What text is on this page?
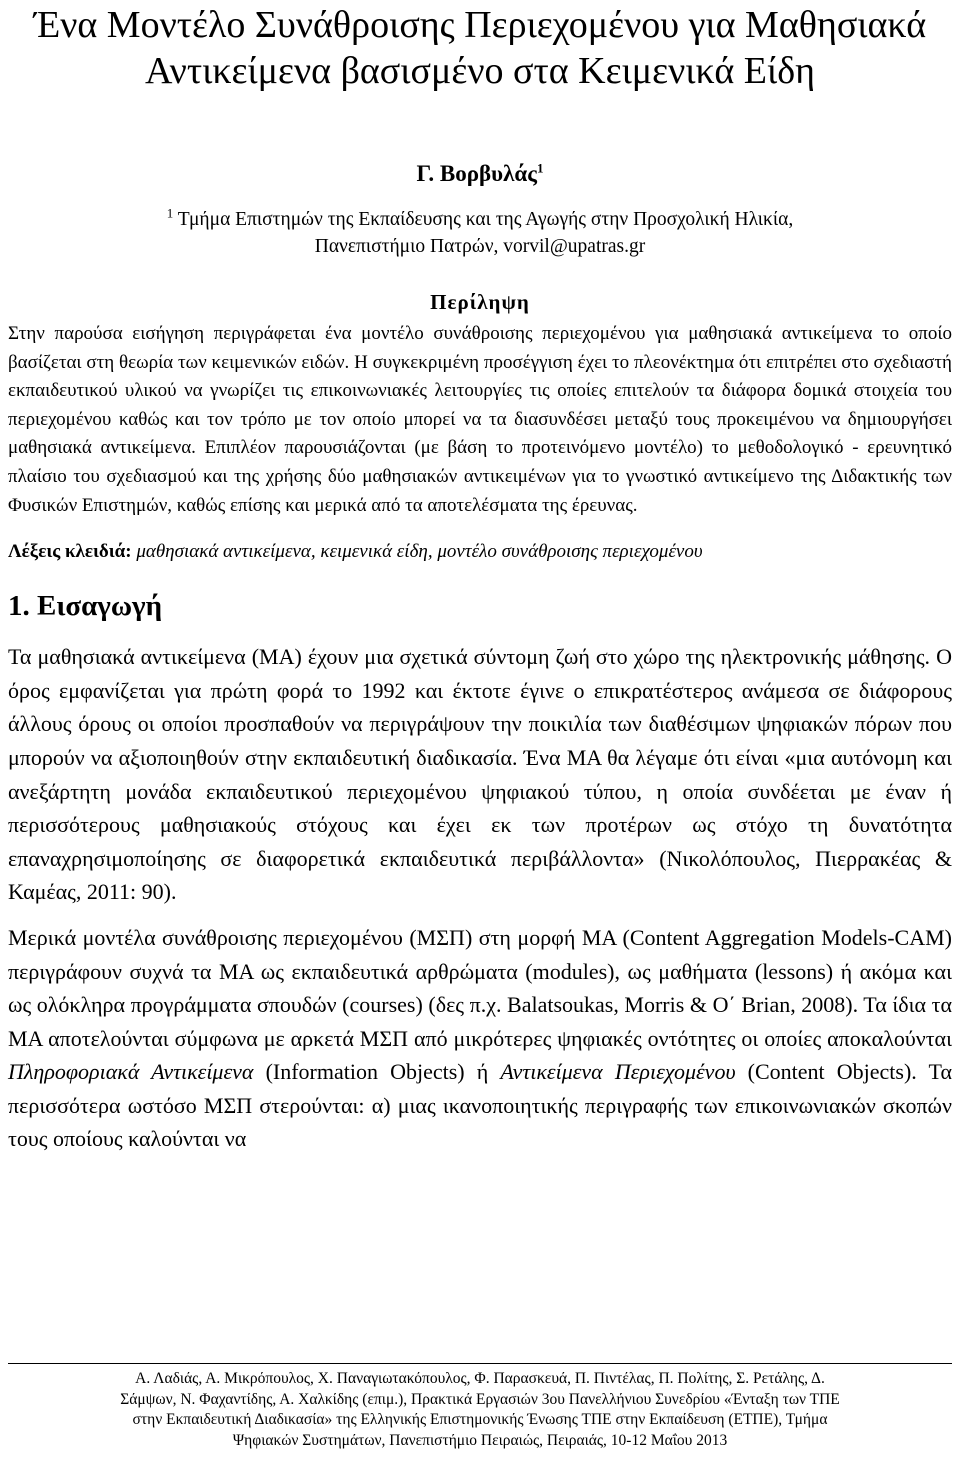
Ένα Μοντέλο Συνάθροισης Περιεχομένου για Μαθησιακά Αντικείμενα βασισμένο στα Κειμενικά Είδη
Γ. Βορβυλάς$^1$
$^1$ Τμήμα Επιστημών της Εκπαίδευσης και της Αγωγής στην Προσχολική Ηλικία,
Πανεπιστήμιο Πατρών, vorvil@upatras.gr
Περίληψη

Στην παρούσα εισήγηση περιγράφεται ένα μοντέλο συνάθροισης περιεχομένου για μαθησιακά αντικείμενα το οποίο βασίζεται στη θεωρία των κειμενικών ειδών. Η συγκεκριμένη προσέγγιση έχει το πλεονέκτημα ότι επιτρέπει στο σχεδιαστή εκπαιδευτικού υλικού να γνωρίζει τις επικοινωνιακές λειτουργίες τις οποίες επιτελούν τα διάφορα δομικά στοιχεία του περιεχομένου καθώς και τον τρόπο με τον οποίο μπορεί να τα διασυνδέσει μεταξύ τους προκειμένου να δημιουργήσει μαθησιακά αντικείμενα. Επιπλέον παρουσιάζονται (με βάση το προτεινόμενο μοντέλο) το μεθοδολογικό - ερευνητικό πλαίσιο του σχεδιασμού και της χρήσης δύο μαθησιακών αντικειμένων για το γνωστικό αντικείμενο της Διδακτικής των Φυσικών Επιστημών, καθώς επίσης και μερικά από τα αποτελέσματα της έρευνας.

Λέξεις κλειδιά: μαθησιακά αντικείμενα, κειμενικά είδη, μοντέλο συνάθροισης περιεχομένου

1. Εισαγωγή

Τα μαθησιακά αντικείμενα (ΜΑ) έχουν μια σχετικά σύντομη ζωή στο χώρο της ηλεκτρονικής μάθησης. Ο όρος εμφανίζεται για πρώτη φορά το 1992 και έκτοτε έγινε ο επικρατέστερος ανάμεσα σε διάφορους άλλους όρους οι οποίοι προσπαθούν να περιγράψουν την ποικιλία των διαθέσιμων ψηφιακών πόρων που μπορούν να αξιοποιηθούν στην εκπαιδευτική διαδικασία. Ένα ΜΑ θα λέγαμε ότι είναι «μια αυτόνομη και ανεξάρτητη μονάδα εκπαιδευτικού περιεχομένου ψηφιακού τύπου, η οποία συνδέεται με έναν ή περισσότερους μαθησιακούς στόχους και έχει εκ των προτέρων ως στόχο τη δυνατότητα επαναχρησιμοποίησης σε διαφορετικά εκπαιδευτικά περιβάλλοντα» (Νικολόπουλος, Πιερρακέας & Καμέας, 2011: 90).

Μερικά μοντέλα συνάθροισης περιεχομένου (ΜΣΠ) στη μορφή ΜΑ (Content Aggregation Models-CAM) περιγράφουν συχνά τα ΜΑ ως εκπαιδευτικά αρθρώματα (modules), ως μαθήματα (lessons) ή ακόμα και ως ολόκληρα προγράμματα σπουδών (courses) (δες π.χ. Balatsoukas, Morris & Ο΄ Brian, 2008). Τα ίδια τα ΜΑ αποτελούνται σύμφωνα με αρκετά ΜΣΠ από μικρότερες ψηφιακές οντότητες οι οποίες αποκαλούνται Πληροφοριακά Αντικείμενα (Information Objects) ή Αντικείμενα Περιεχομένου (Content Objects). Τα περισσότερα ωστόσο ΜΣΠ στερούνται: α) μιας ικανοποιητικής περιγραφής των επικοινωνιακών σκοπών τους οποίους καλούνται να

Α. Λαδιάς, Α. Μικρόπουλος, Χ. Παναγιωτακόπουλος, Φ. Παρασκευά, Π. Πιντέλας, Π. Πολίτης, Σ. Ρετάλης, Δ.
Σάμψων, Ν. Φαχαντίδης, Α. Χαλκίδης (επιμ.), Πρακτικά Εργασιών 3ου Πανελλήνιου Συνεδρίου «Ένταξη των ΤΠΕ
στην Εκπαιδευτική Διαδικασία» της Ελληνικής Επιστημονικής Ένωσης ΤΠΕ στην Εκπαίδευση (ΕΤΠΕ), Τμήμα
Ψηφιακών Συστημάτων, Πανεπιστήμιο Πειραιώς, Πειραιάς, 10-12 Μαΐου 2013
